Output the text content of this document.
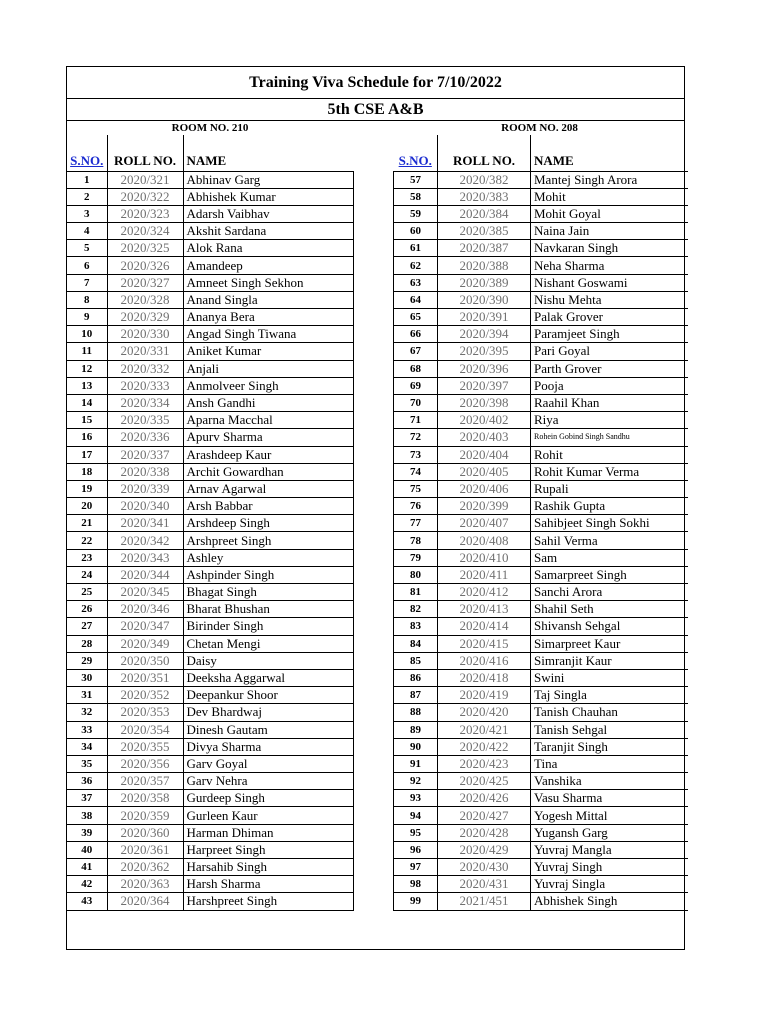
Training Viva Schedule for 7/10/2022
5th CSE A&B
ROOM NO. 210	ROOM NO. 208
S.NO.	ROLL NO.	NAME
1	2020/321	Abhinav Garg
2	2020/322	Abhishek Kumar
3	2020/323	Adarsh Vaibhav
4	2020/324	Akshit Sardana
5	2020/325	Alok Rana
6	2020/326	Amandeep
7	2020/327	Amneet Singh Sekhon
8	2020/328	Anand Singla
9	2020/329	Ananya Bera
10	2020/330	Angad Singh Tiwana
11	2020/331	Aniket Kumar
12	2020/332	Anjali
13	2020/333	Anmolveer Singh
14	2020/334	Ansh Gandhi
15	2020/335	Aparna Macchal
16	2020/336	Apurv Sharma
17	2020/337	Arashdeep Kaur
18	2020/338	Archit Gowardhan
19	2020/339	Arnav Agarwal
20	2020/340	Arsh Babbar
21	2020/341	Arshdeep Singh
22	2020/342	Arshpreet Singh
23	2020/343	Ashley
24	2020/344	Ashpinder Singh
25	2020/345	Bhagat Singh
26	2020/346	Bharat Bhushan
27	2020/347	Birinder Singh
28	2020/349	Chetan Mengi
29	2020/350	Daisy
30	2020/351	Deeksha Aggarwal
31	2020/352	Deepankur Shoor
32	2020/353	Dev Bhardwaj
33	2020/354	Dinesh Gautam
34	2020/355	Divya Sharma
35	2020/356	Garv Goyal
36	2020/357	Garv Nehra
37	2020/358	Gurdeep Singh
38	2020/359	Gurleen Kaur
39	2020/360	Harman Dhiman
40	2020/361	Harpreet Singh
41	2020/362	Harsahib Singh
42	2020/363	Harsh Sharma
43	2020/364	Harshpreet Singh
S.NO.	ROLL NO.	NAME
57	2020/382	Mantej Singh Arora
58	2020/383	Mohit
59	2020/384	Mohit Goyal
60	2020/385	Naina Jain
61	2020/387	Navkaran Singh
62	2020/388	Neha Sharma
63	2020/389	Nishant Goswami
64	2020/390	Nishu Mehta
65	2020/391	Palak Grover
66	2020/394	Paramjeet Singh
67	2020/395	Pari Goyal
68	2020/396	Parth Grover
69	2020/397	Pooja
70	2020/398	Raahil Khan
71	2020/402	Riya
72	2020/403	Rohein Gobind Singh Sandhu
73	2020/404	Rohit
74	2020/405	Rohit Kumar Verma
75	2020/406	Rupali
76	2020/399	Rashik Gupta
77	2020/407	Sahibjeet Singh Sokhi
78	2020/408	Sahil Verma
79	2020/410	Sam
80	2020/411	Samarpreet Singh
81	2020/412	Sanchi Arora
82	2020/413	Shahil Seth
83	2020/414	Shivansh Sehgal
84	2020/415	Simarpreet Kaur
85	2020/416	Simranjit Kaur
86	2020/418	Swini
87	2020/419	Taj Singla
88	2020/420	Tanish Chauhan
89	2020/421	Tanish Sehgal
90	2020/422	Taranjit Singh
91	2020/423	Tina
92	2020/425	Vanshika
93	2020/426	Vasu Sharma
94	2020/427	Yogesh Mittal
95	2020/428	Yugansh Garg
96	2020/429	Yuvraj Mangla
97	2020/430	Yuvraj Singh
98	2020/431	Yuvraj Singla
99	2021/451	Abhishek Singh
